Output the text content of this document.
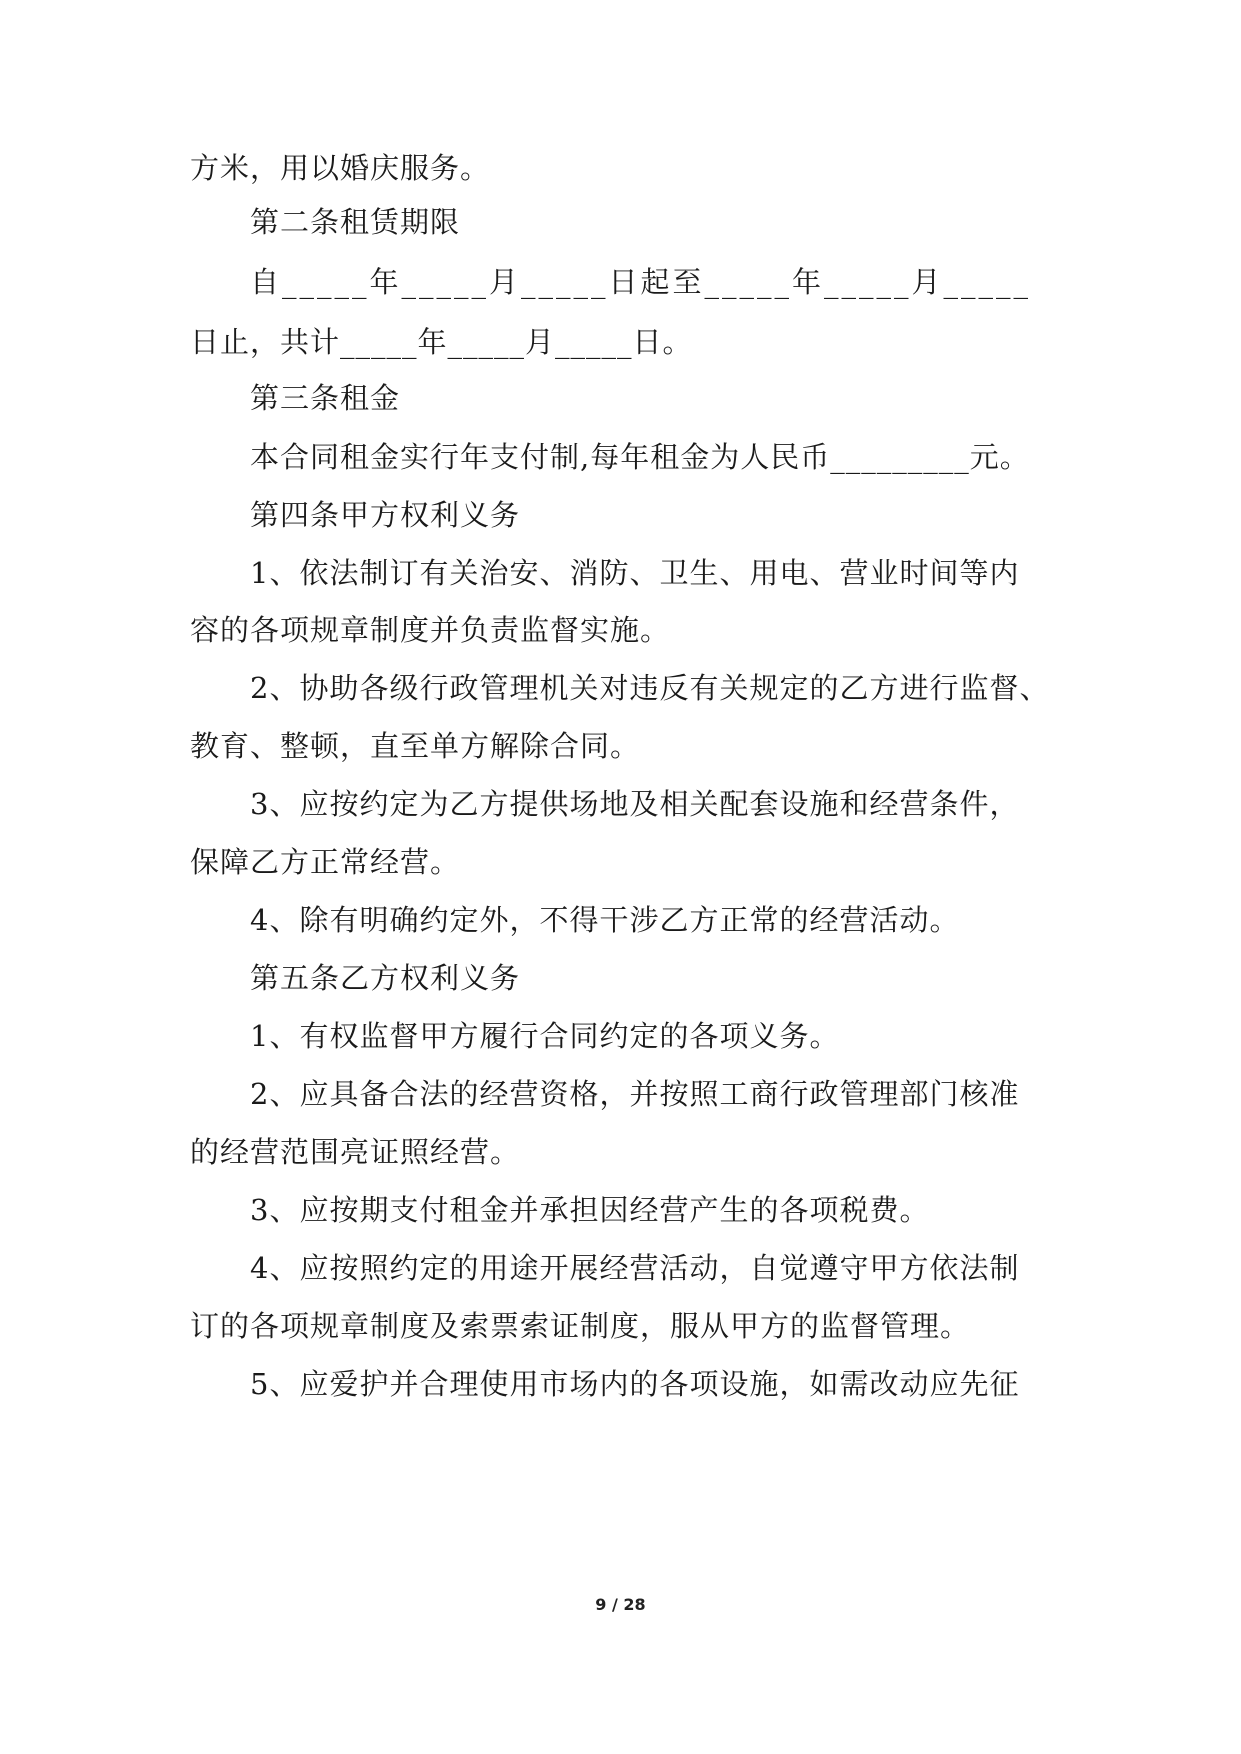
方米，用以婚庆服务。
第二条租赁期限
自_____年_____月_____日起至_____年_____月_____
日止，共计_____年_____月_____日。
第三条租金
本合同租金实行年支付制,每年租金为人民币_________元。
第四条甲方权利义务
1、依法制订有关治安、消防、卫生、用电、营业时间等内
容的各项规章制度并负责监督实施。
2、协助各级行政管理机关对违反有关规定的乙方进行监督、
教育、整顿，直至单方解除合同。
3、应按约定为乙方提供场地及相关配套设施和经营条件，
保障乙方正常经营。
4、除有明确约定外，不得干涉乙方正常的经营活动。
第五条乙方权利义务
1、有权监督甲方履行合同约定的各项义务。
2、应具备合法的经营资格，并按照工商行政管理部门核准
的经营范围亮证照经营。
3、应按期支付租金并承担因经营产生的各项税费。
4、应按照约定的用途开展经营活动，自觉遵守甲方依法制
订的各项规章制度及索票索证制度，服从甲方的监督管理。
5、应爱护并合理使用市场内的各项设施，如需改动应先征
9 / 28
